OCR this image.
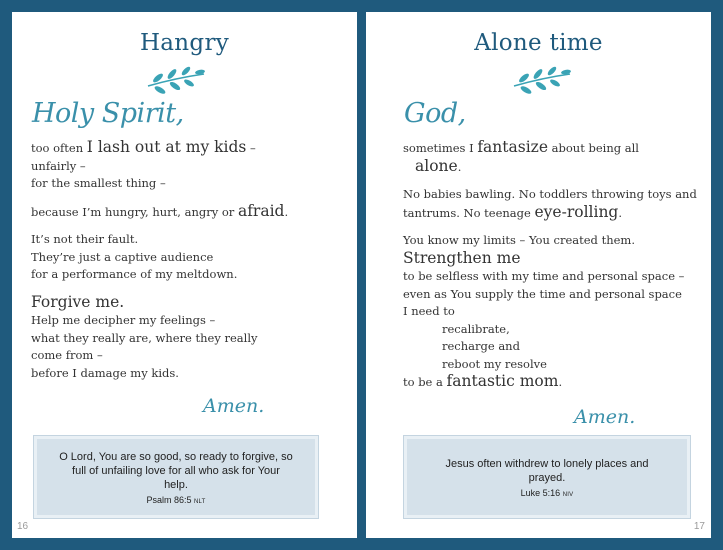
Hangry
Holy Spirit,
too often I lash out at my kids –
unfairly –
for the smallest thing –
because I’m hungry, hurt, angry or afraid.
It’s not their fault.
They’re just a captive audience
for a performance of my meltdown.
Forgive me.
Help me decipher my feelings –
what they really are, where they really
come from –
before I damage my kids.
Amen.
O Lord, You are so good, so ready to forgive, so full of unfailing love for all who ask for Your help.
Psalm 86:5 NLT
16
Alone time
God,
sometimes I fantasize about being all
alone.
No babies bawling. No toddlers throwing toys and
tantrums. No teenage eye-rolling.
You know my limits – You created them.
Strengthen me
to be selfless with my time and personal space –
even as You supply the time and personal space
I need to
recalibrate,
recharge and
reboot my resolve
to be a fantastic mom.
Amen.
Jesus often withdrew to lonely places and prayed.
Luke 5:16 NIV
17
